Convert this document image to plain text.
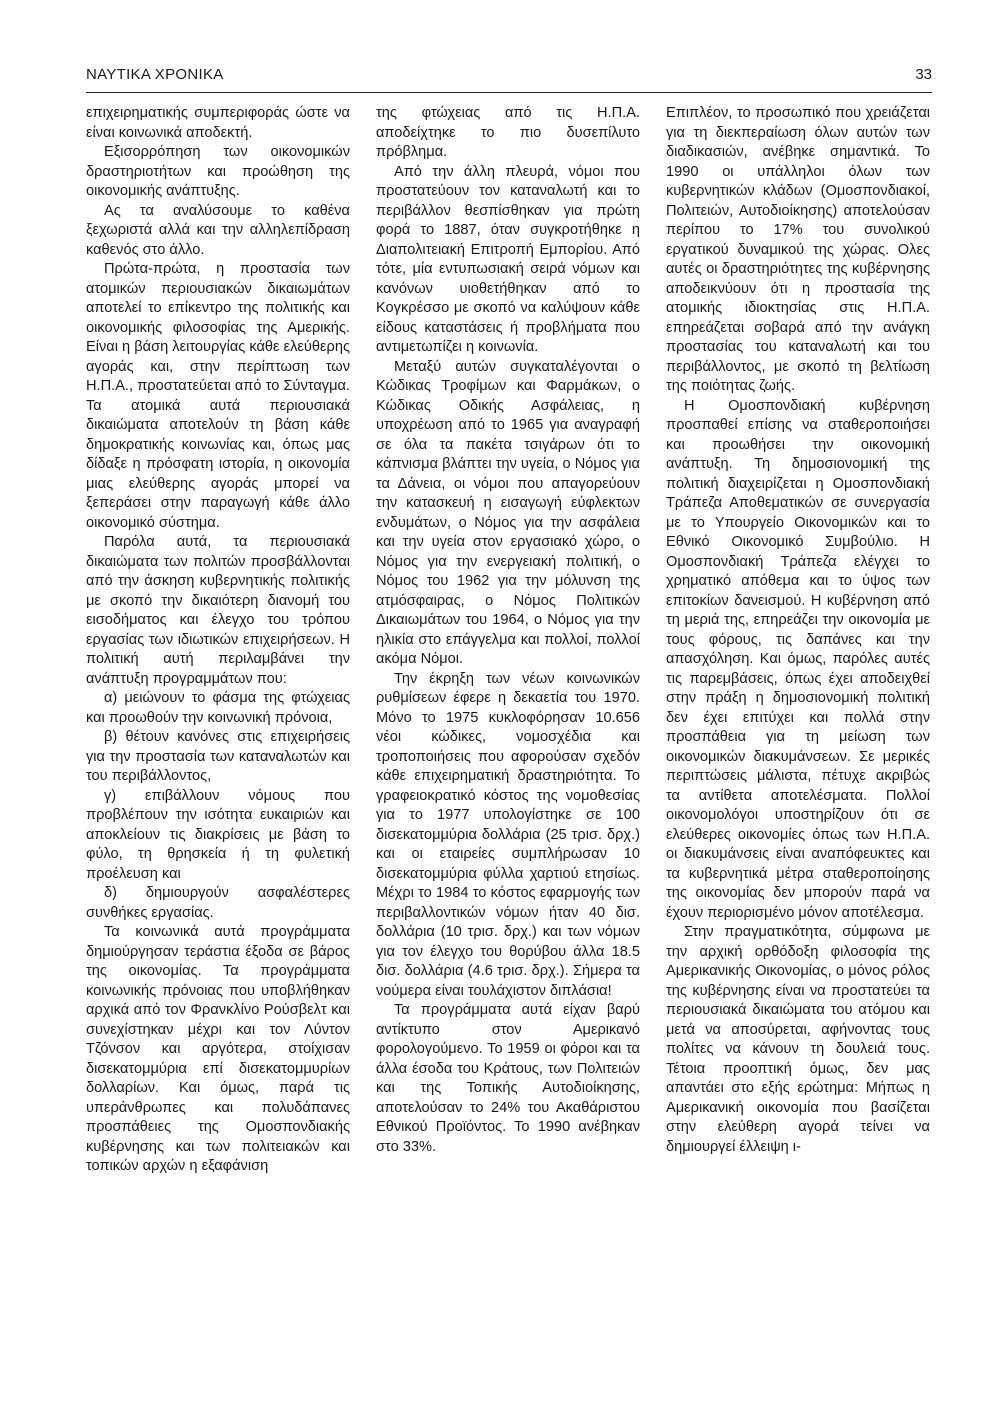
ΝΑΥΤΙΚΑ ΧΡΟΝΙΚΑ	33

επιχειρηματικής συμπεριφοράς ώστε να είναι κοινωνικά αποδεκτή.

Εξισορρόπηση των οικονομικών δραστηριοτήτων και προώθηση της οικονομικής ανάπτυξης.

Ας τα αναλύσουμε το καθένα ξεχωριστά αλλά και την αλληλεπίδραση καθενός στο άλλο.

Πρώτα-πρώτα, η προστασία των ατομικών περιουσιακών δικαιωμάτων αποτελεί το επίκεντρο της πολιτικής και οικονομικής φιλοσοφίας της Αμερικής. Είναι η βάση λειτουργίας κάθε ελεύθερης αγοράς και, στην περίπτωση των Η.Π.Α., προστατεύεται από το Σύνταγμα. Τα ατομικά αυτά περιουσιακά δικαιώματα αποτελούν τη βάση κάθε δημοκρατικής κοινωνίας και, όπως μας δίδαξε η πρόσφατη ιστορία, η οικονομία μιας ελεύθερης αγοράς μπορεί να ξεπεράσει στην παραγωγή κάθε άλλο οικονομικό σύστημα.

Παρόλα αυτά, τα περιουσιακά δικαιώματα των πολιτών προσβάλλονται από την άσκηση κυβερνητικής πολιτικής με σκοπό την δικαιότερη διανομή του εισοδήματος και έλεγχο του τρόπου εργασίας των ιδιωτικών επιχειρήσεων. Η πολιτική αυτή περιλαμβάνει την ανάπτυξη προγραμμάτων που:

α) μειώνουν το φάσμα της φτώχειας και προωθούν την κοινωνική πρόνοια,

β) θέτουν κανόνες στις επιχειρήσεις για την προστασία των καταναλωτών και του περιβάλλοντος,

γ) επιβάλλουν νόμους που προβλέπουν την ισότητα ευκαιριών και αποκλείουν τις διακρίσεις με βάση το φύλο, τη θρησκεία ή τη φυλετική προέλευση και

δ) δημιουργούν ασφαλέστερες συνθήκες εργασίας.

Τα κοινωνικά αυτά προγράμματα δημιούργησαν τεράστια έξοδα σε βάρος της οικονομίας. Τα προγράμματα κοινωνικής πρόνοιας που υποβλήθηκαν αρχικά από τον Φρανκλίνο Ρούσβελτ και συνεχίστηκαν μέχρι και τον Λύντον Τζόνσον και αργότερα, στοίχισαν δισεκατομμύρια επί δισεκατομμυρίων δολλαρίων. Και όμως, παρά τις υπεράνθρωπες και πολυδάπανες προσπάθειες της Ομοσπονδιακής κυβέρνησης και των πολιτειακών και τοπικών αρχών η εξαφάνιση

της φτώχειας από τις Η.Π.Α. αποδείχτηκε το πιο δυσεπίλυτο πρόβλημα.

Από την άλλη πλευρά, νόμοι που προστατεύουν τον καταναλωτή και το περιβάλλον θεσπίσθηκαν για πρώτη φορά το 1887, όταν συγκροτήθηκε η Διαπολιτειακή Επιτροπή Εμπορίου. Από τότε, μία εντυπωσιακή σειρά νόμων και κανόνων υιοθετήθηκαν από το Κογκρέσσο με σκοπό να καλύψουν κάθε είδους καταστάσεις ή προβλήματα που αντιμετωπίζει η κοινωνία.

Μεταξύ αυτών συγκαταλέγονται ο Κώδικας Τροφίμων και Φαρμάκων, ο Κώδικας Οδικής Ασφάλειας, η υποχρέωση από το 1965 για αναγραφή σε όλα τα πακέτα τσιγάρων ότι το κάπνισμα βλάπτει την υγεία, ο Νόμος για τα Δάνεια, οι νόμοι που απαγορεύουν την κατασκευή η εισαγωγή εύφλεκτων ενδυμάτων, ο Νόμος για την ασφάλεια και την υγεία στον εργασιακό χώρο, ο Νόμος για την ενεργειακή πολιτική, ο Νόμος του 1962 για την μόλυνση της ατμόσφαιρας, ο Νόμος Πολιτικών Δικαιωμάτων του 1964, ο Νόμος για την ηλικία στο επάγγελμα και πολλοί, πολλοί ακόμα Νόμοι.

Την έκρηξη των νέων κοινωνικών ρυθμίσεων έφερε η δεκαετία του 1970. Μόνο το 1975 κυκλοφόρησαν 10.656 νέοι κώδικες, νομοσχέδια και τροποποιήσεις που αφορούσαν σχεδόν κάθε επιχειρηματική δραστηριότητα. Το γραφειοκρατικό κόστος της νομοθεσίας για το 1977 υπολογίστηκε σε 100 δισεκατομμύρια δολλάρια (25 τρισ. δρχ.) και οι εταιρείες συμπλήρωσαν 10 δισεκατομμύρια φύλλα χαρτιού ετησίως. Μέχρι το 1984 το κόστος εφαρμογής των περιβαλλοντικών νόμων ήταν 40 δισ. δολλάρια (10 τρισ. δρχ.) και των νόμων για τον έλεγχο του θορύβου άλλα 18.5 δισ. δολλάρια (4.6 τρισ. δρχ.). Σήμερα τα νούμερα είναι τουλάχιστον διπλάσια!

Τα προγράμματα αυτά είχαν βαρύ αντίκτυπο στον Αμερικανό φορολογούμενο. Το 1959 οι φόροι και τα άλλα έσοδα του Κράτους, των Πολιτειών και της Τοπικής Αυτοδιοίκησης, αποτελούσαν το 24% του Ακαθάριστου Εθνικού Προϊόντος. Το 1990 ανέβηκαν στο 33%.

Επιπλέον, το προσωπικό που χρειάζεται για τη διεκπεραίωση όλων αυτών των διαδικασιών, ανέβηκε σημαντικά. Το 1990 οι υπάλληλοι όλων των κυβερνητικών κλάδων (Ομοσπονδιακοί, Πολιτειών, Αυτοδιοίκησης) αποτελούσαν περίπου το 17% του συνολικού εργατικού δυναμικού της χώρας. Ολες αυτές οι δραστηριότητες της κυβέρνησης αποδεικνύουν ότι η προστασία της ατομικής ιδιοκτησίας στις Η.Π.Α. επηρεάζεται σοβαρά από την ανάγκη προστασίας του καταναλωτή και του περιβάλλοντος, με σκοπό τη βελτίωση της ποιότητας ζωής.

Η Ομοσπονδιακή κυβέρνηση προσπαθεί επίσης να σταθεροποιήσει και προωθήσει την οικονομική ανάπτυξη. Τη δημοσιονομική της πολιτική διαχειρίζεται η Ομοσπονδιακή Τράπεζα Αποθεματικών σε συνεργασία με το Υπουργείο Οικονομικών και το Εθνικό Οικονομικό Συμβούλιο. Η Ομοσπονδιακή Τράπεζα ελέγχει το χρηματικό απόθεμα και το ύψος των επιτοκίων δανεισμού. Η κυβέρνηση από τη μεριά της, επηρεάζει την οικονομία με τους φόρους, τις δαπάνες και την απασχόληση. Και όμως, παρόλες αυτές τις παρεμβάσεις, όπως έχει αποδειχθεί στην πράξη η δημοσιονομική πολιτική δεν έχει επιτύχει και πολλά στην προσπάθεια για τη μείωση των οικονομικών διακυμάνσεων. Σε μερικές περιπτώσεις μάλιστα, πέτυχε ακριβώς τα αντίθετα αποτελέσματα. Πολλοί οικονομολόγοι υποστηρίζουν ότι σε ελεύθερες οικονομίες όπως των Η.Π.Α. οι διακυμάνσεις είναι αναπόφευκτες και τα κυβερνητικά μέτρα σταθεροποίησης της οικονομίας δεν μπορούν παρά να έχουν περιορισμένο μόνον αποτέλεσμα.

Στην πραγματικότητα, σύμφωνα με την αρχική ορθόδοξη φιλοσοφία της Αμερικανικής Οικονομίας, ο μόνος ρόλος της κυβέρνησης είναι να προστατεύει τα περιουσιακά δικαιώματα του ατόμου και μετά να αποσύρεται, αφήνοντας τους πολίτες να κάνουν τη δουλειά τους. Τέτοια προοπτική όμως, δεν μας απαντάει στο εξής ερώτημα: Μήπως η Αμερικανική οικονομία που βασίζεται στην ελεύθερη αγορά τείνει να δημιουργεί έλλειψη ι-
